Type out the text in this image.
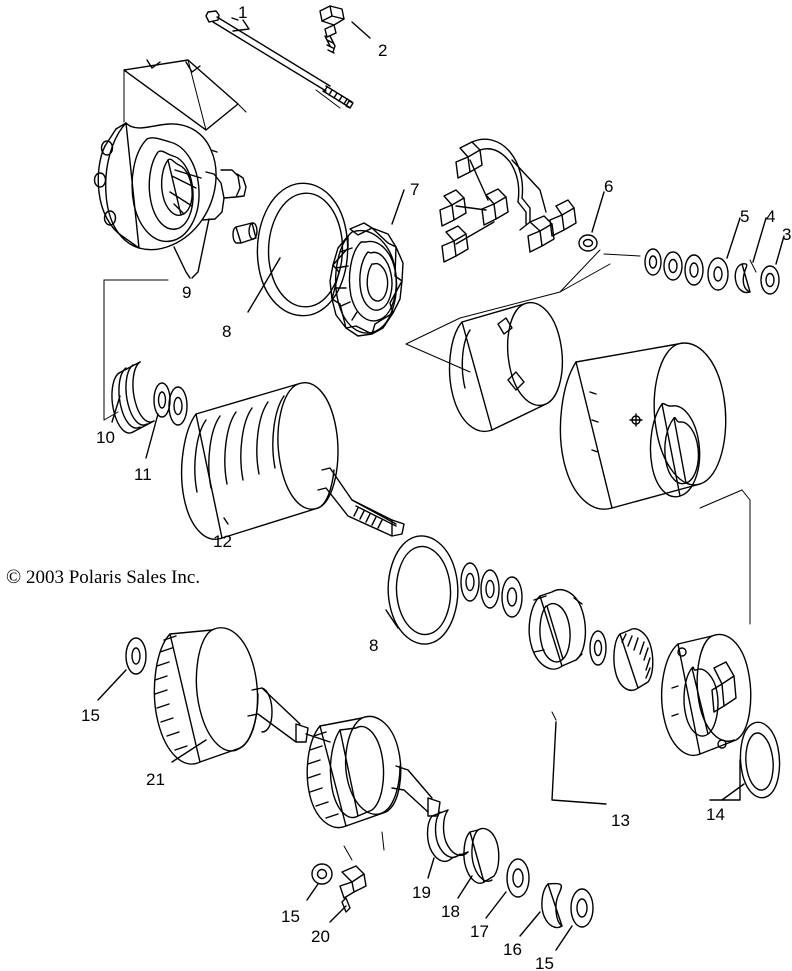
1
2
7	6
5 4
3
9
8
10
11
12
8
15
21
13	14
19
18
17
16
15
20
15
© 2003 Polaris Sales Inc.
